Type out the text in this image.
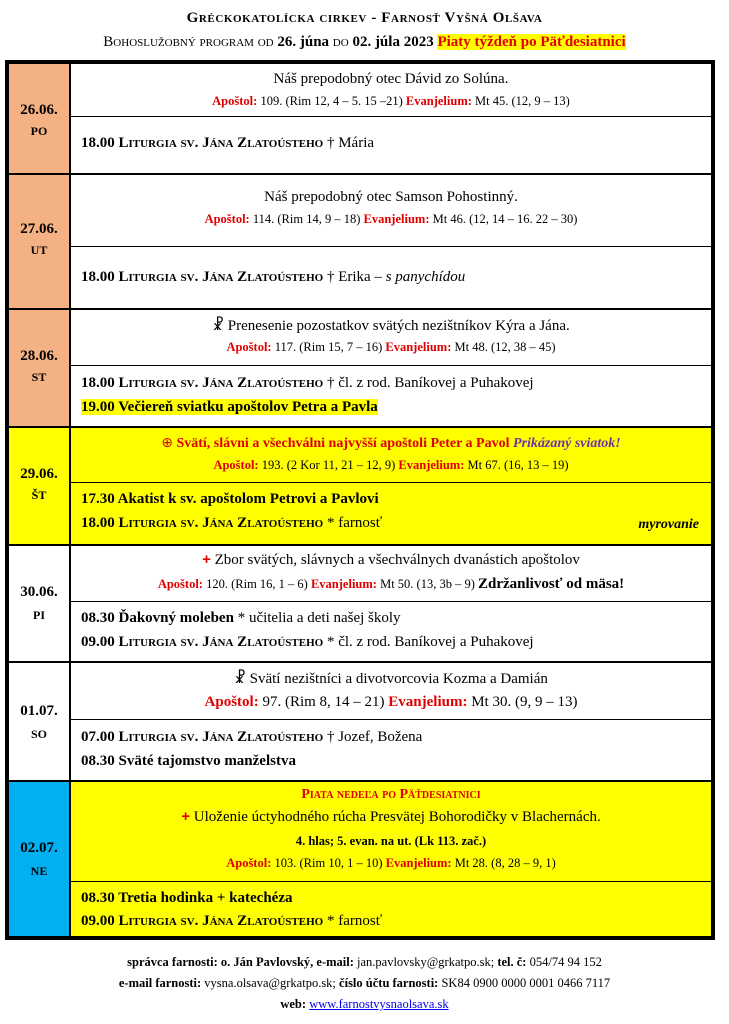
Gréckokatolícka cirkev - Farnosť Vyšná Olšava
Bohoslužobný program od 26. júna do 02. júla 2023 Piaty týždeň po Päťdesiatnici
26.06.
PO
Náš prepodobný otec Dávid zo Solúna.
Apoštol: 109. (Rim 12, 4 – 5. 15 –21) Evanjelium: Mt 45. (12, 9 – 13)
18.00 Liturgia sv. Jána Zlatoústeho † Mária
27.06.
UT
Náš prepodobný otec Samson Pohostinný.
Apoštol: 114. (Rim 14, 9 – 18) Evanjelium: Mt 46. (12, 14 – 16. 22 – 30)
18.00 Liturgia sv. Jána Zlatoústeho † Erika – s panychídou
28.06.
ST
☧ Prenesenie pozostatkov svätých nezištníkov Kýra a Jána.
Apoštol: 117. (Rim 15, 7 – 16) Evanjelium: Mt 48. (12, 38 – 45)
18.00 Liturgia sv. Jána Zlatoústeho † čl. z rod. Baníkovej a Puhakovej
19.00 Večiereň sviatku apoštolov Petra a Pavla
29.06.
ŠT
⊕ Svätí, slávni a všechválni najvyšší apoštoli Peter a Pavol Prikázaný sviatok!
Apoštol: 193. (2 Kor 11, 21 – 12, 9) Evanjelium: Mt 67. (16, 13 – 19)
17.30 Akatist k sv. apoštolom Petrovi a Pavlovi
18.00 Liturgia sv. Jána Zlatoústeho * farnosť	myrovanie
30.06.
PI
+ Zbor svätých, slávnych a všechválnych dvanástich apoštolov
Apoštol: 120. (Rim 16, 1 – 6) Evanjelium: Mt 50. (13, 3b – 9) Zdržanlivosť od mäsa!
08.30 Ďakovný moleben * učitelia a deti našej školy
09.00 Liturgia sv. Jána Zlatoústeho * čl. z rod. Baníkovej a Puhakovej
01.07.
SO
☧ Svätí nezištníci a divotvorcovia Kozma a Damián
Apoštol: 97. (Rim 8, 14 – 21) Evanjelium: Mt 30. (9, 9 – 13)
07.00 Liturgia sv. Jána Zlatoústeho † Jozef, Božena
08.30 Sväté tajomstvo manželstva
02.07.
NE
Piata nedeľa po Päťdesiatnici
+ Uloženie úctyhodného rúcha Presvätej Bohorodičky v Blachernách.
4. hlas; 5. evan. na ut. (Lk 113. zač.)
Apoštol: 103. (Rim 10, 1 – 10) Evanjelium: Mt 28. (8, 28 – 9, 1)
08.30 Tretia hodinka + katechéza
09.00 Liturgia sv. Jána Zlatoústeho * farnosť
správca farnosti: o. Ján Pavlovský, e-mail: jan.pavlovsky@grkatpo.sk; tel. č: 054/74 94 152
e-mail farnosti: vysna.olsava@grkatpo.sk; číslo účtu farnosti: SK84 0900 0000 0001 0466 7117
web: www.farnostvysnaolsava.sk
